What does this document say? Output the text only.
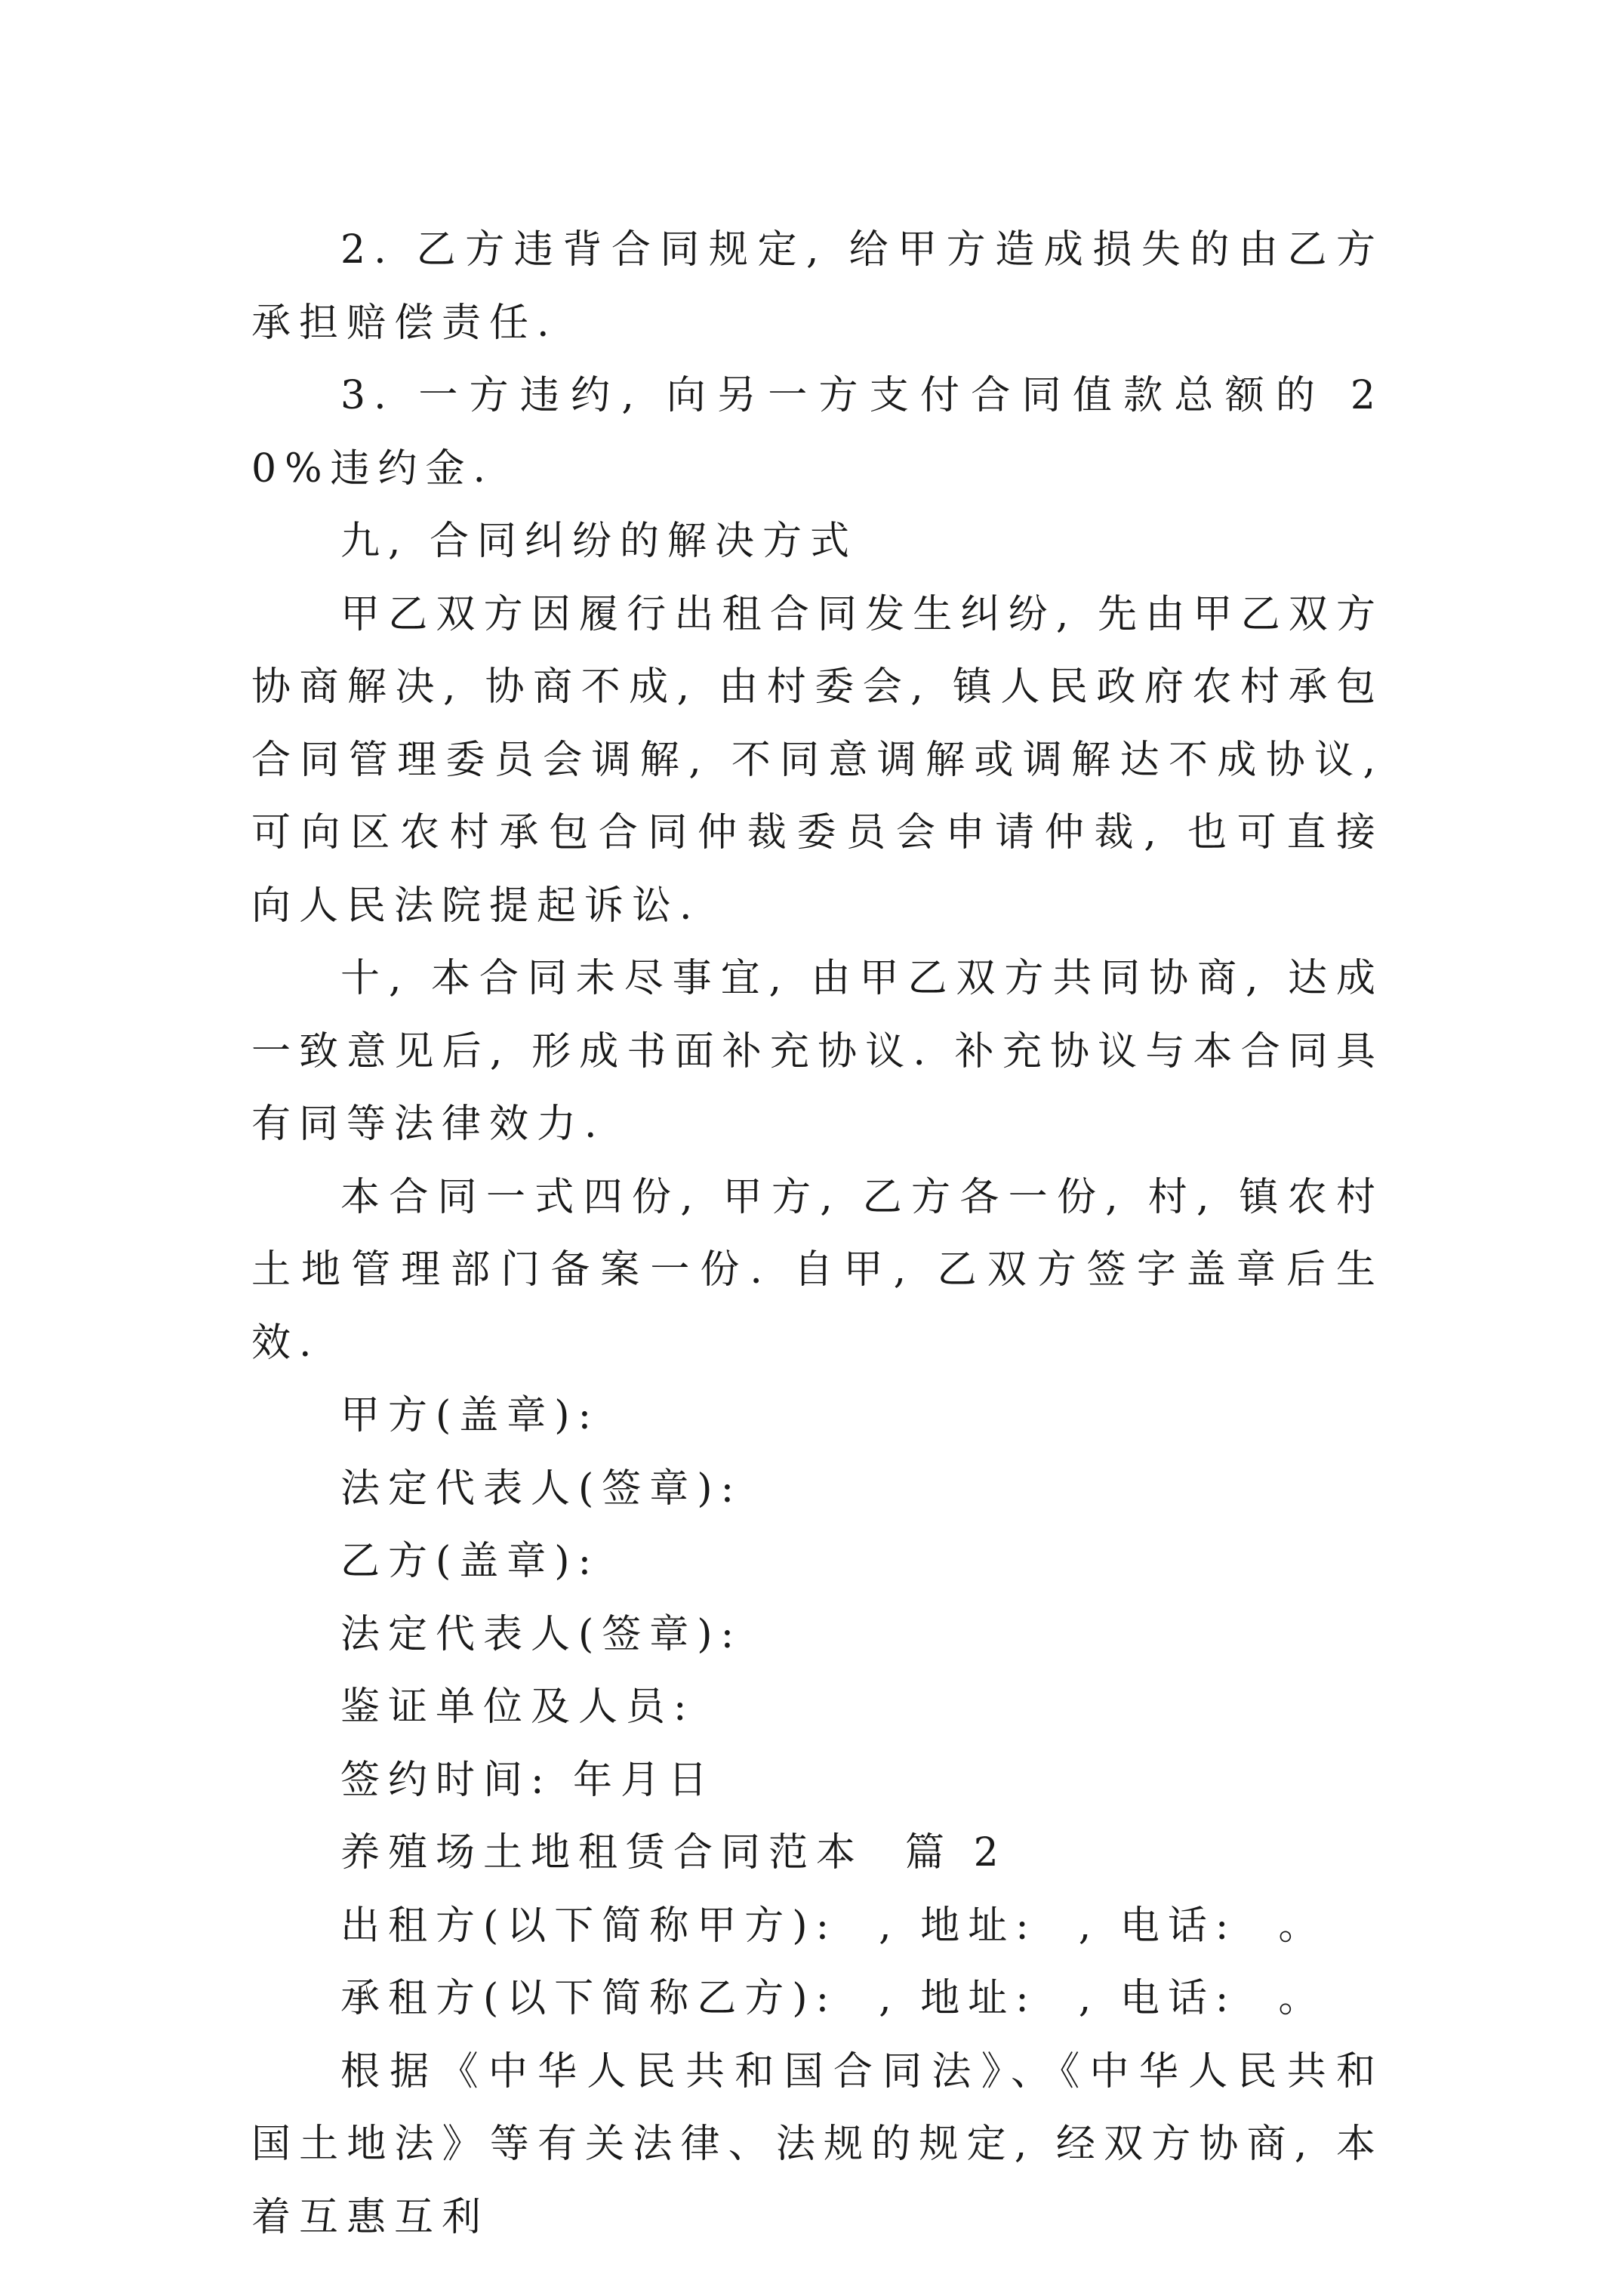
2. 乙方违背合同规定, 给甲方造成损失的由乙方承担赔偿责任.

3. 一方违约, 向另一方支付合同值款总额的 20%违约金.

九, 合同纠纷的解决方式

甲乙双方因履行出租合同发生纠纷, 先由甲乙双方协商解决, 协商不成, 由村委会, 镇人民政府农村承包合同管理委员会调解, 不同意调解或调解达不成协议, 可向区农村承包合同仲裁委员会申请仲裁, 也可直接向人民法院提起诉讼.

十, 本合同未尽事宜, 由甲乙双方共同协商, 达成一致意见后, 形成书面补充协议. 补充协议与本合同具有同等法律效力.

本合同一式四份, 甲方, 乙方各一份, 村, 镇农村土地管理部门备案一份. 自甲, 乙双方签字盖章后生效.

甲方(盖章):

法定代表人(签章):

乙方(盖章):

法定代表人(签章):

鉴证单位及人员:

签约时间: 年月日

养殖场土地租赁合同范本  篇 2

出租方(以下简称甲方):  , 地址:  , 电话:  。

承租方(以下简称乙方):  , 地址:  , 电话:  。

根据《中华人民共和国合同法》、《中华人民共和国土地法》等有关法律、法规的规定, 经双方协商, 本着互惠互利
